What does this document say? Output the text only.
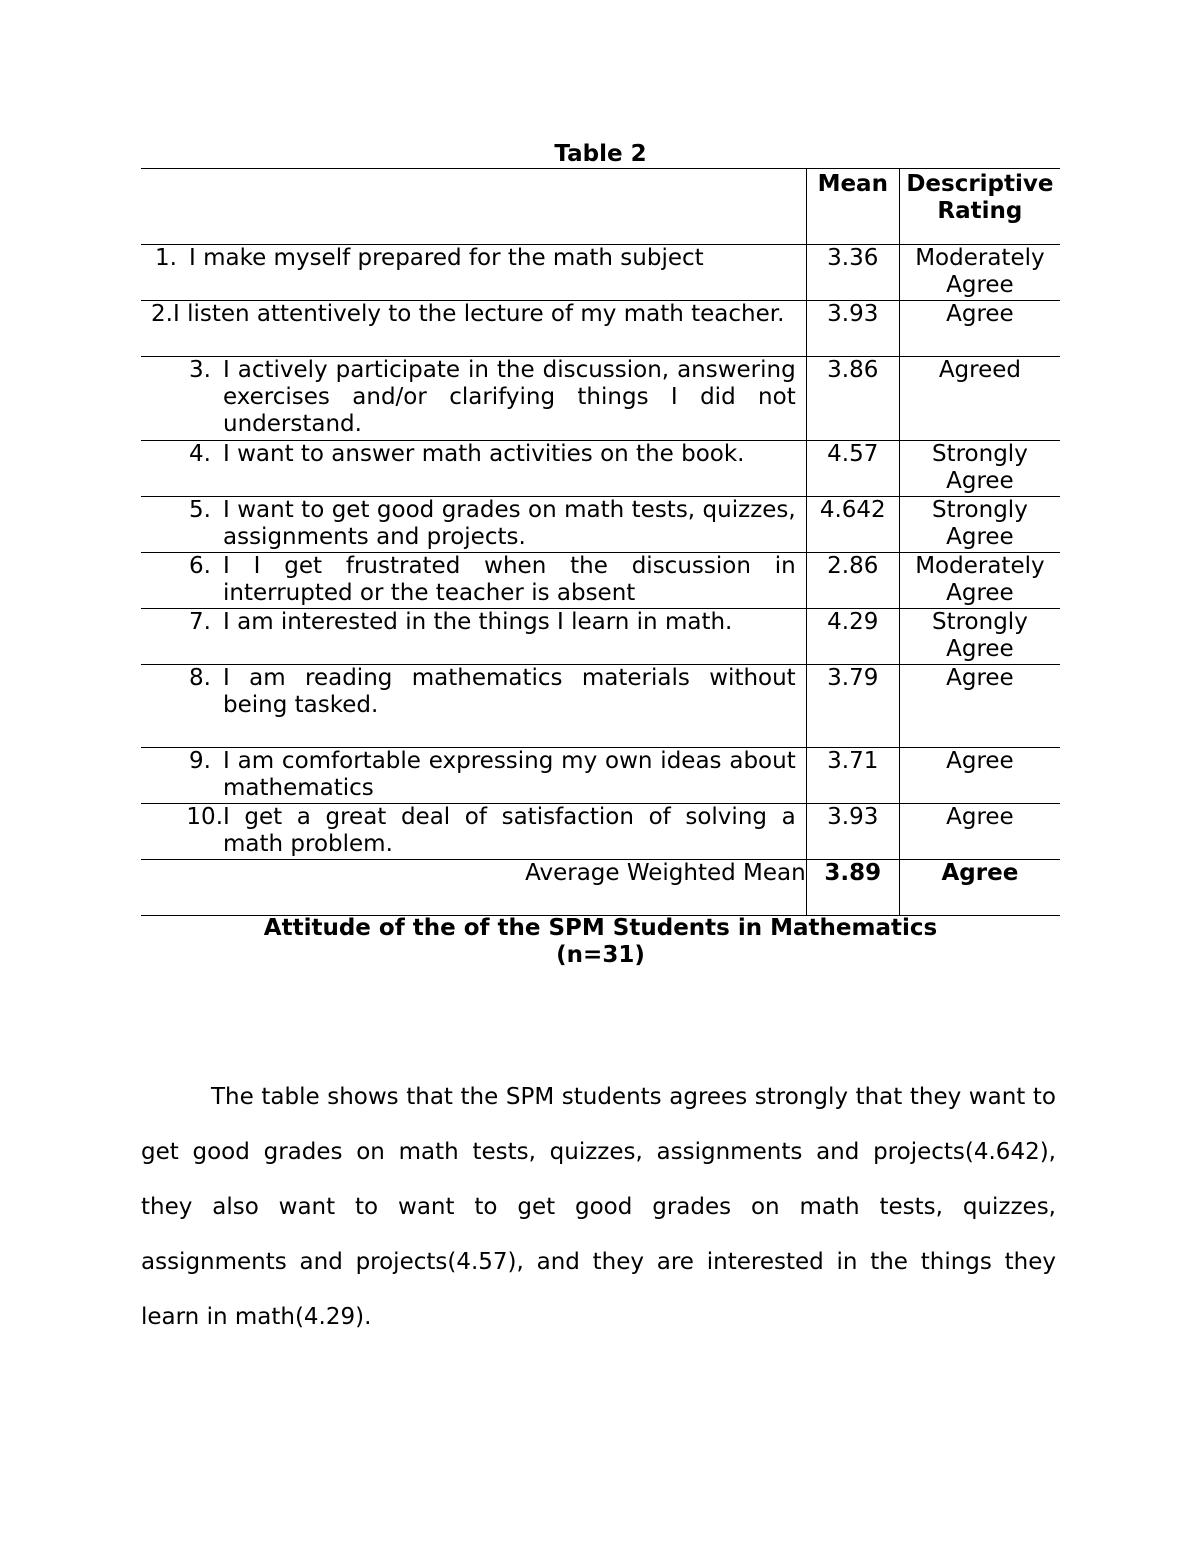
Table 2
	Mean	Descriptive Rating

1. I make myself prepared for the math subject	3.36	Moderately Agree

2. I listen attentively to the lecture of my math teacher.	3.93	Agree

3. I actively participate in the discussion, answering exercises and/or clarifying things I did not understand.	3.86	Agreed

4. I want to answer math activities on the book.	4.57	Strongly Agree

5. I want to get good grades on math tests, quizzes, assignments and projects.	4.642	Strongly Agree

6. I I get frustrated when the discussion in interrupted or the teacher is absent	2.86	Moderately Agree

7. I am interested in the things I learn in math.	4.29	Strongly Agree

8. I am reading mathematics materials without being tasked.	3.79	Agree

9. I am comfortable expressing my own ideas about mathematics	3.71	Agree

10. I get a great deal of satisfaction of solving a math problem.	3.93	Agree
Average Weighted Mean	3.89	Agree
Attitude of the of the SPM Students in Mathematics
(n=31)

The table shows that the SPM students agrees strongly that they want to get good grades on math tests, quizzes, assignments and projects(4.642), they also want to want to get good grades on math tests, quizzes, assignments and projects(4.57), and they are interested in the things they learn in math(4.29).
